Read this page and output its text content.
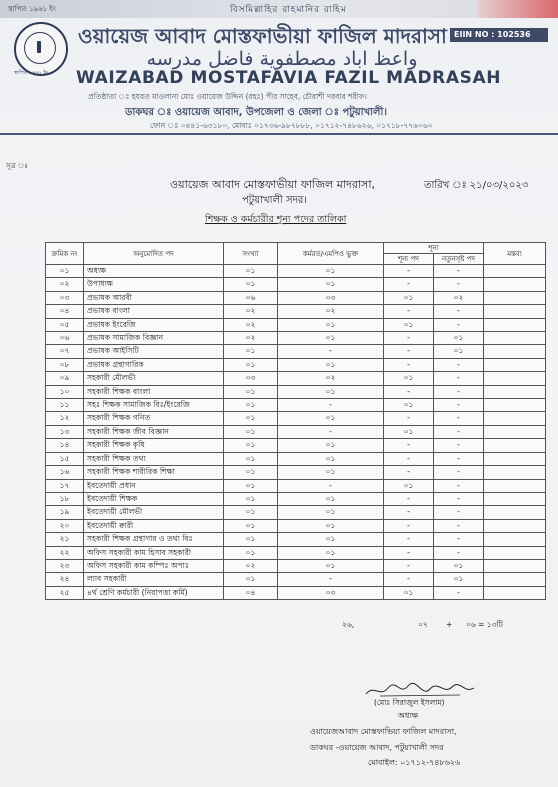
স্থাপিত ১৯৬১ ইং	বিসমিল্লাহির রাহমানির রাহিম
স্থাপিত ১৯৬১ ইং
EIIN NO : 102536
ওয়ায়েজ আবাদ মোস্তফাভীয়া ফাজিল মাদরাসা
واعظ اباد مصطفوية فاضل مدرسه
WAIZABAD MOSTAFAVIA FAZIL MADRASAH
প্রতিষ্ঠাতা ঃ হযরত মাওলানা মোঃ ওয়ায়েজ উদ্দিন (রহঃ) পীর সাহেব, চৌরাশী দরবার শরীফ।
ডাকঘর ঃ ওয়ায়েজ আবাদ, উপজেলা ও জেলা ঃ পটুয়াখালী।
ফোন ঃ ০৪৪১-৬৩১৮০, মোবাঃ ০১৭৩৬-৯৮৭৮৮৮, ০১৭১২-৭৪৮৬২৬, ০১৭১৮-৭৭৬০৬০
সূত্র ঃ
তারিখ ঃ ২১/০৩/২০২৩
ওয়ায়েজ আবাদ মোস্তফাভীয়া ফাজিল মাদরাসা,
পটুয়াখালী সদর।
শিক্ষক ও কর্মচারীর শূন্য পদের তালিকা
ক্রমিক নং	অনুমোদিত পদ	সংখ্যা	কর্মরত/এমপিও ভুক্ত	শূন্য		মন্তব্য
				শূন্য পদ	নতুনসৃষ্ট পদ	
০১	অধ্যক্ষ	০১	০১	-	-	
০২	উপাধ্যক্ষ	০১	০১	-	-	
০৩	প্রভাষক আরবী	০৬	০৩	০১	০২	
০৪	প্রভাষক বাংলা	০২	০২	-	-	
০৫	প্রভাষক ইংরেজি	০২	০১	০১	-	
০৬	প্রভাষক সামাজিক বিজ্ঞান	০২	০১	-	০১	
০৭	প্রভাষক আইসিটি	০১	-	-	০১	
০৮	প্রভাষক গ্রন্থাগারিক	০১	০১	-	-	
০৯	সহকারী মৌলভী	০৩	০২	০১	-	
১০	সহকারী শিক্ষক বাংলা	০১	০১	-	-	
১১	সহঃ শিক্ষক সামাজিক বিঃ/ইংরেজি	০১	-	০১	-	
১২	সহকারী শিক্ষক গনিত	০১	০১	-	-	
১৩	সহকারী শিক্ষক জীব বিজ্ঞান	০১	-	০১	-	
১৪	সহকারী শিক্ষক কৃষি	০১	০১	-	-	
১৫	সহকারী শিক্ষক তথ্য	০১	০১	-	-	
১৬	সহকারী শিক্ষক শারীরিক শিক্ষা	০১	০১	-	-	
১৭	ইবতেদায়ী প্রধান	০১	-	০১	-	
১৮	ইবতেদায়ী শিক্ষক	০১	০১	-	-	
১৯	ইবতেদায়ী মৌলভী	০১	০১	-	-	
২০	ইবতেদায়ী ক্বারী	০১	০১	-	-	
২১	সহকারী শিক্ষক গ্রন্থাগার ও তথ্য বিঃ	০১	০১	-	-	
২২	অফিস সহকারী কাম হিসাব সহকারী	০১	০১	-	-	
২৩	অফিস সহকারী কাম কম্পিঃ অপাঃ	০২	০১	-	০১	
২৪	ল্যাব সহকারী	০১	-	-	০১	
২৫	৪র্থ শ্রেণি কর্মচারী (নিরাপত্তা কর্মি)	০৪	০৩	০১	-	
২৬,	০৭ + ০৬ = ১৩টি
(মোঃ সিরাজুল ইসলাম)
অধ্যক্ষ
ওয়ায়েজআবাদ মোস্তফাভিয়া ফাজিল মাদরাসা,
ডাকঘর -ওয়ায়েজ আবাদ, পটুয়াখালী সদর
মোবাইল: ০১৭১২-৭৪৮৬২৬
